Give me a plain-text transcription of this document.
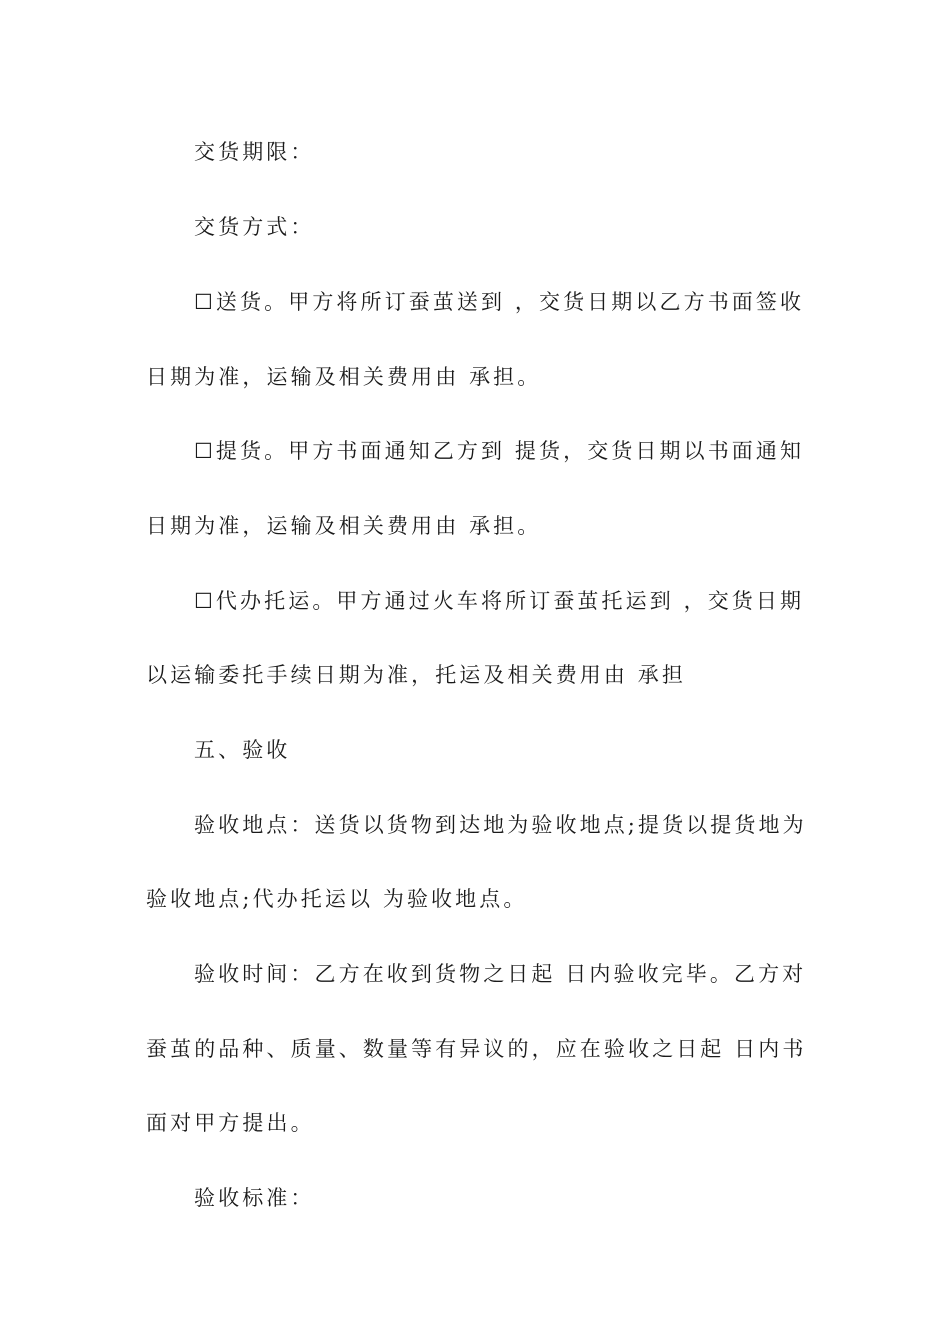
交货期限：
交货方式：
☐送货。甲方将所订蚕茧送到 ，交货日期以乙方书面签收
日期为准，运输及相关费用由 承担。
☐提货。甲方书面通知乙方到 提货，交货日期以书面通知
日期为准，运输及相关费用由 承担。
☐代办托运。甲方通过火车将所订蚕茧托运到 ，交货日期
以运输委托手续日期为准，托运及相关费用由 承担
五、验收
验收地点：送货以货物到达地为验收地点;提货以提货地为
验收地点;代办托运以 为验收地点。
验收时间：乙方在收到货物之日起 日内验收完毕。乙方对
蚕茧的品种、质量、数量等有异议的，应在验收之日起 日内书
面对甲方提出。
验收标准：
